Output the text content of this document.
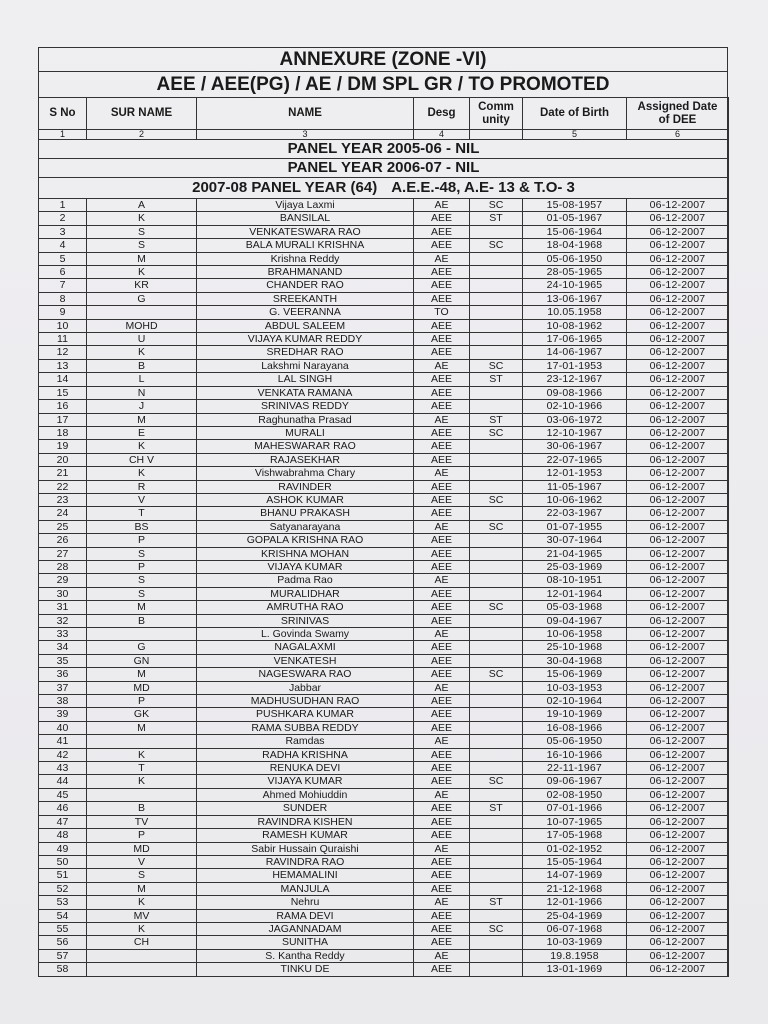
ANNEXURE (ZONE -VI)
AEE / AEE(PG) / AE / DM SPL GR / TO PROMOTED
S No	SUR NAME	NAME	Desg	Comm unity	Date of Birth	Assigned Date of DEE
1	2	3	4		5	6
PANEL YEAR 2005-06 - NIL						
PANEL YEAR 2006-07 - NIL						
2007-08 PANEL YEAR (64) A.E.E.-48, A.E- 13 & T.O- 3						
1	A	Vijaya Laxmi	AE	SC	15-08-1957	06-12-2007
2	K	BANSILAL	AEE	ST	01-05-1967	06-12-2007
3	S	VENKATESWARA RAO	AEE		15-06-1964	06-12-2007
4	S	BALA MURALI KRISHNA	AEE	SC	18-04-1968	06-12-2007
5	M	Krishna Reddy	AE		05-06-1950	06-12-2007
6	K	BRAHMANAND	AEE		28-05-1965	06-12-2007
7	KR	CHANDER RAO	AEE		24-10-1965	06-12-2007
8	G	SREEKANTH	AEE		13-06-1967	06-12-2007
9		G. VEERANNA	TO		10.05.1958	06-12-2007
10	MOHD	ABDUL SALEEM	AEE		10-08-1962	06-12-2007
11	U	VIJAYA KUMAR REDDY	AEE		17-06-1965	06-12-2007
12	K	SREDHAR RAO	AEE		14-06-1967	06-12-2007
13	B	Lakshmi Narayana	AE	SC	17-01-1953	06-12-2007
14	L	LAL SINGH	AEE	ST	23-12-1967	06-12-2007
15	N	VENKATA RAMANA	AEE		09-08-1966	06-12-2007
16	J	SRINIVAS REDDY	AEE		02-10-1966	06-12-2007
17	M	Raghunatha Prasad	AE	ST	03-06-1972	06-12-2007
18	E	MURALI	AEE	SC	12-10-1967	06-12-2007
19	K	MAHESWARAR RAO	AEE		30-06-1967	06-12-2007
20	CH V	RAJASEKHAR	AEE		22-07-1965	06-12-2007
21	K	Vishwabrahma Chary	AE		12-01-1953	06-12-2007
22	R	RAVINDER	AEE		11-05-1967	06-12-2007
23	V	ASHOK KUMAR	AEE	SC	10-06-1962	06-12-2007
24	T	BHANU PRAKASH	AEE		22-03-1967	06-12-2007
25	BS	Satyanarayana	AE	SC	01-07-1955	06-12-2007
26	P	GOPALA KRISHNA RAO	AEE		30-07-1964	06-12-2007
27	S	KRISHNA MOHAN	AEE		21-04-1965	06-12-2007
28	P	VIJAYA KUMAR	AEE		25-03-1969	06-12-2007
29	S	Padma Rao	AE		08-10-1951	06-12-2007
30	S	MURALIDHAR	AEE		12-01-1964	06-12-2007
31	M	AMRUTHA RAO	AEE	SC	05-03-1968	06-12-2007
32	B	SRINIVAS	AEE		09-04-1967	06-12-2007
33		L. Govinda Swamy	AE		10-06-1958	06-12-2007
34	G	NAGALAXMI	AEE		25-10-1968	06-12-2007
35	GN	VENKATESH	AEE		30-04-1968	06-12-2007
36	M	NAGESWARA RAO	AEE	SC	15-06-1969	06-12-2007
37	MD	Jabbar	AE		10-03-1953	06-12-2007
38	P	MADHUSUDHAN RAO	AEE		02-10-1964	06-12-2007
39	GK	PUSHKARA KUMAR	AEE		19-10-1969	06-12-2007
40	M	RAMA SUBBA REDDY	AEE		16-08-1966	06-12-2007
41		Ramdas	AE		05-06-1950	06-12-2007
42	K	RADHA KRISHNA	AEE		16-10-1966	06-12-2007
43	T	RENUKA DEVI	AEE		22-11-1967	06-12-2007
44	K	VIJAYA KUMAR	AEE	SC	09-06-1967	06-12-2007
45		Ahmed Mohiuddin	AE		02-08-1950	06-12-2007
46	B	SUNDER	AEE	ST	07-01-1966	06-12-2007
47	TV	RAVINDRA KISHEN	AEE		10-07-1965	06-12-2007
48	P	RAMESH KUMAR	AEE		17-05-1968	06-12-2007
49	MD	Sabir Hussain Quraishi	AE		01-02-1952	06-12-2007
50	V	RAVINDRA RAO	AEE		15-05-1964	06-12-2007
51	S	HEMAMALINI	AEE		14-07-1969	06-12-2007
52	M	MANJULA	AEE		21-12-1968	06-12-2007
53	K	Nehru	AE	ST	12-01-1966	06-12-2007
54	MV	RAMA DEVI	AEE		25-04-1969	06-12-2007
55	K	JAGANNADAM	AEE	SC	06-07-1968	06-12-2007
56	CH	SUNITHA	AEE		10-03-1969	06-12-2007
57		S. Kantha Reddy	AE		19.8.1958	06-12-2007
58		TINKU DE	AEE		13-01-1969	06-12-2007
